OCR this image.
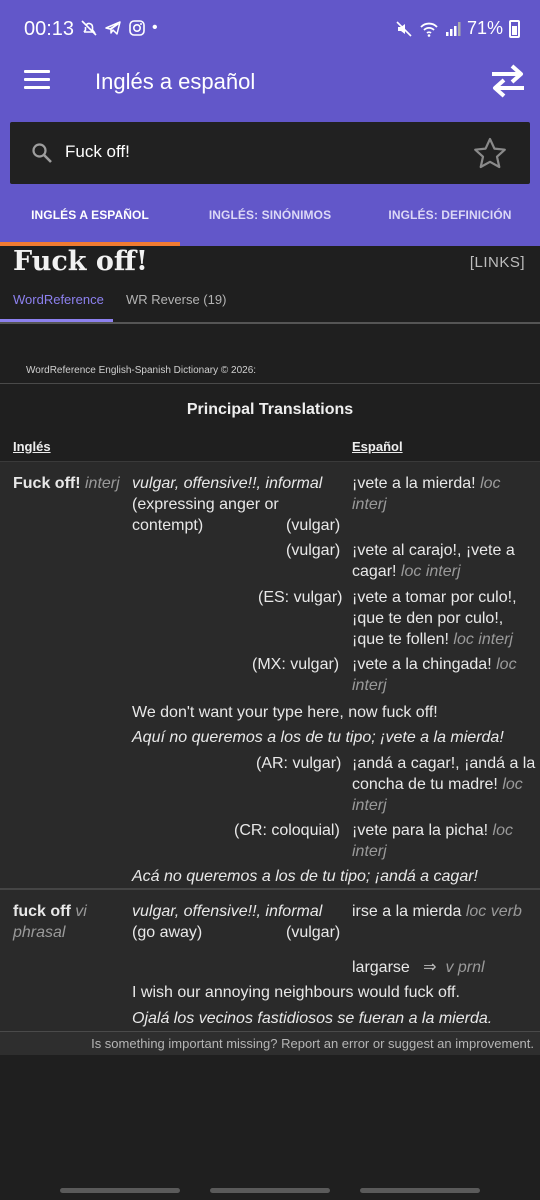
00:13	•	71%
Inglés a español
Fuck off!
INGLÉS A ESPAÑOL	INGLÉS: SINÓNIMOS	INGLÉS: DEFINICIÓN
Fuck off!	[LINKS]
WordReference WR Reverse (19)
WordReference English-Spanish Dictionary © 2026:
Principal Translations
Inglés	Español
Fuck off! interj vulgar, offensive!!, informal
(expressing anger or
contempt)	(vulgar)
¡vete a la mierda! loc
interj
(vulgar) ¡vete al carajo!, ¡vete a
cagar! loc interj
(ES: vulgar) ¡vete a tomar por culo!,
¡que te den por culo!,
¡que te follen! loc interj
(MX: vulgar) ¡vete a la chingada! loc
interj
We don't want your type here, now fuck off!
Aquí no queremos a los de tu tipo; ¡vete a la mierda!
(AR: vulgar) ¡andá a cagar!, ¡andá a la
concha de tu madre! loc
interj
(CR: coloquial) ¡vete para la picha! loc
interj
Acá no queremos a los de tu tipo; ¡andá a cagar!
fuck off vi
phrasal
vulgar, offensive!!, informal
(go away)	(vulgar)
irse a la mierda loc verb
largarse ⇒ v prnl
I wish our annoying neighbours would fuck off.
Ojalá los vecinos fastidiosos se fueran a la mierda.
Is something important missing? Report an error or suggest an improvement.
